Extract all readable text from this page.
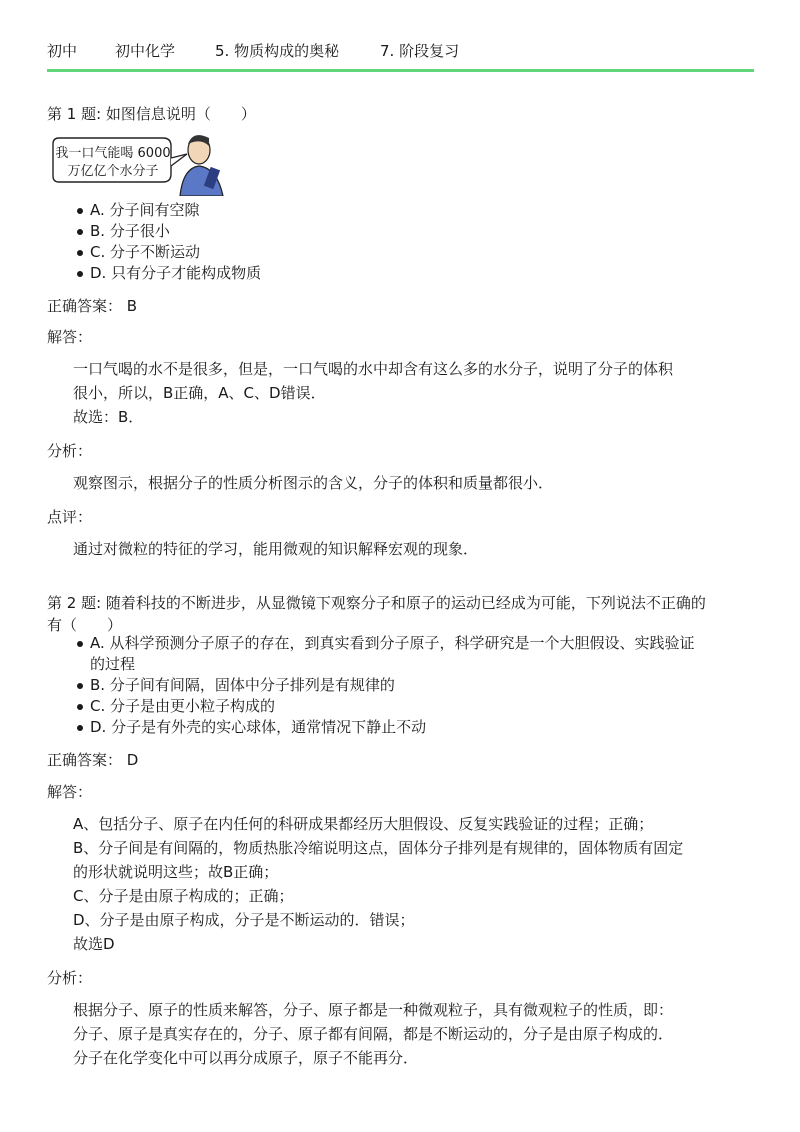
初中	初中化学	5. 物质构成的奥秘	7. 阶段复习
第 1 题: 如图信息说明（　　）
我一口气能喝 6000
万亿亿个水分子
A. 分子间有空隙
B. 分子很小
C. 分子不断运动
D. 只有分子才能构成物质
正确答案： B
解答：

一口气喝的水不是很多，但是，一口气喝的水中却含有这么多的水分子，说明了分子的体积

很小，所以，B正确，A、C、D错误．

故选：B．

分析：

观察图示，根据分子的性质分析图示的含义，分子的体积和质量都很小．

点评：

通过对微粒的特征的学习，能用微观的知识解释宏观的现象．

第 2 题: 随着科技的不断进步，从显微镜下观察分子和原子的运动已经成为可能，下列说法不正确的
有（　　）
A. 从科学预测分子原子的存在，到真实看到分子原子，科学研究是一个大胆假设、实践验证
的过程
B. 分子间有间隔，固体中分子排列是有规律的
C. 分子是由更小粒子构成的
D. 分子是有外壳的实心球体，通常情况下静止不动
正确答案： D
解答：

A、包括分子、原子在内任何的科研成果都经历大胆假设、反复实践验证的过程；正确；

B、分子间是有间隔的，物质热胀冷缩说明这点，固体分子排列是有规律的，固体物质有固定

的形状就说明这些；故B正确；

C、分子是由原子构成的；正确；

D、分子是由原子构成，分子是不断运动的．错误；

故选D

分析：

根据分子、原子的性质来解答，分子、原子都是一种微观粒子，具有微观粒子的性质，即：

分子、原子是真实存在的，分子、原子都有间隔，都是不断运动的，分子是由原子构成的．

分子在化学变化中可以再分成原子，原子不能再分．
